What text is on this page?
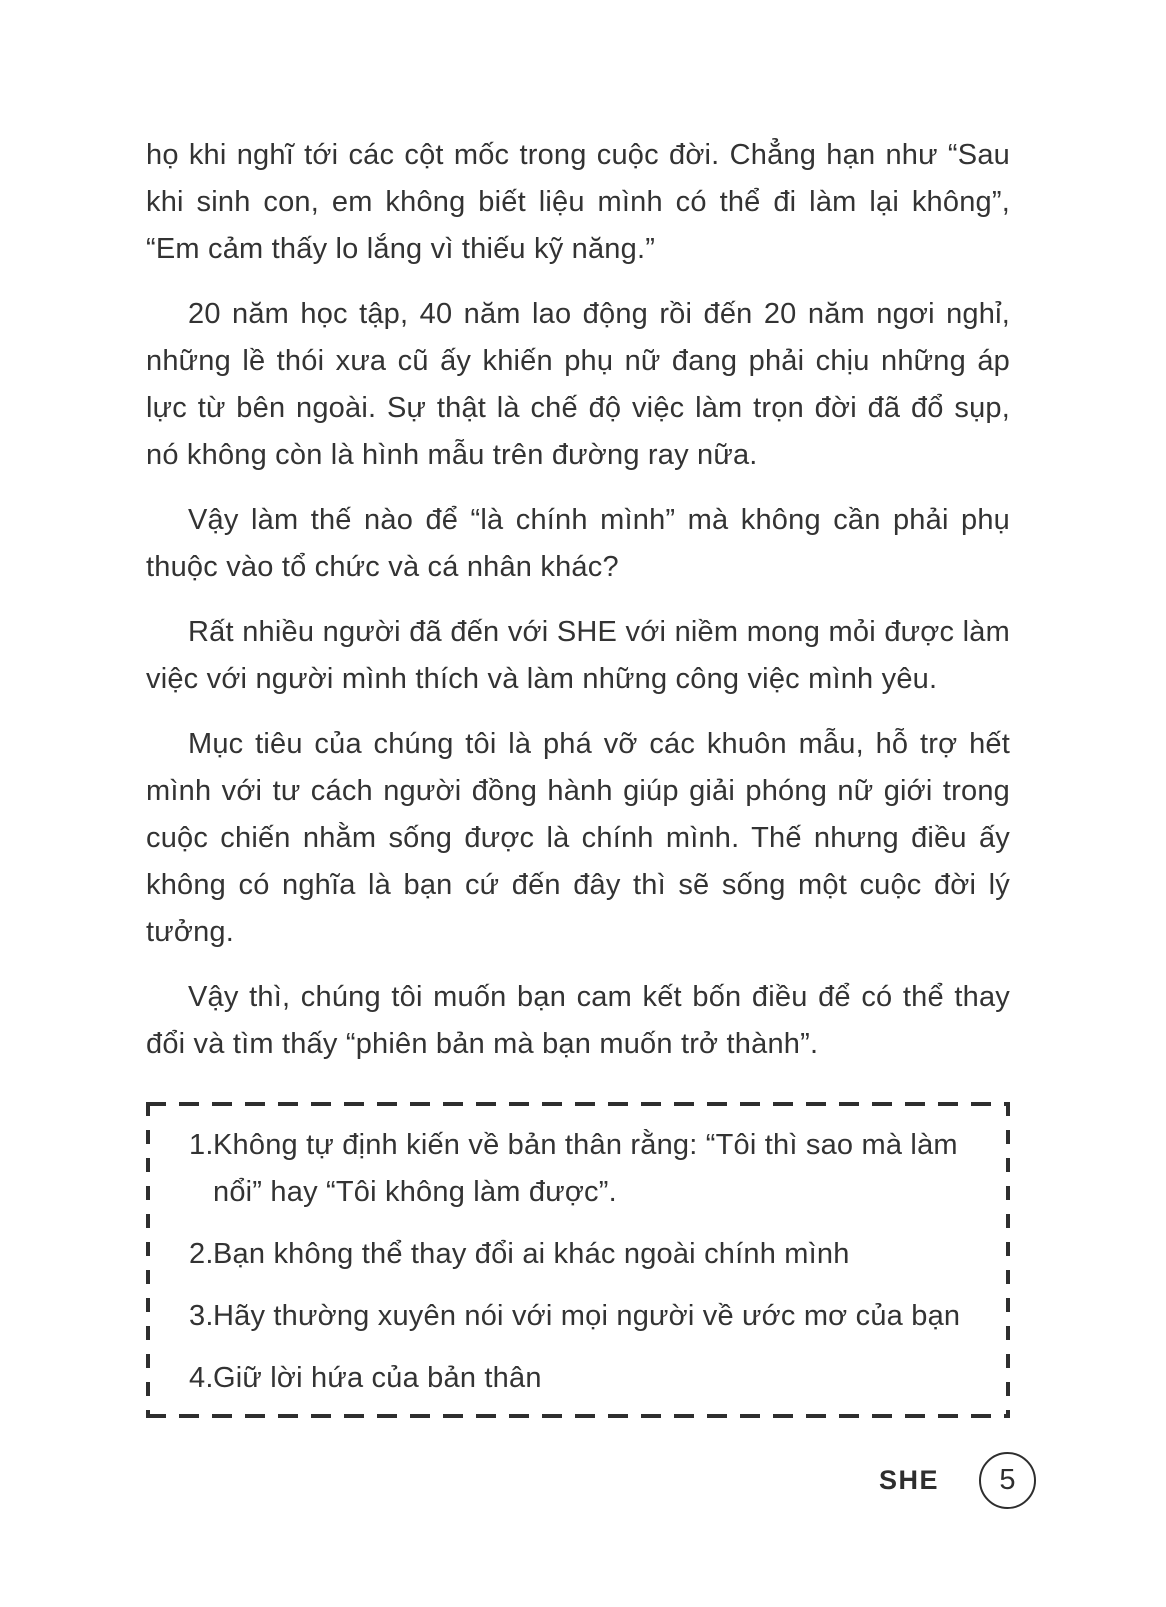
họ khi nghĩ tới các cột mốc trong cuộc đời. Chẳng hạn như “Sau khi sinh con, em không biết liệu mình có thể đi làm lại không”, “Em cảm thấy lo lắng vì thiếu kỹ năng.”

20 năm học tập, 40 năm lao động rồi đến 20 năm ngơi nghỉ, những lề thói xưa cũ ấy khiến phụ nữ đang phải chịu những áp lực từ bên ngoài. Sự thật là chế độ việc làm trọn đời đã đổ sụp, nó không còn là hình mẫu trên đường ray nữa.

Vậy làm thế nào để “là chính mình” mà không cần phải phụ thuộc vào tổ chức và cá nhân khác?

Rất nhiều người đã đến với SHE với niềm mong mỏi được làm việc với người mình thích và làm những công việc mình yêu.

Mục tiêu của chúng tôi là phá vỡ các khuôn mẫu, hỗ trợ hết mình với tư cách người đồng hành giúp giải phóng nữ giới trong cuộc chiến nhằm sống được là chính mình. Thế nhưng điều ấy không có nghĩa là bạn cứ đến đây thì sẽ sống một cuộc đời lý tưởng.

Vậy thì, chúng tôi muốn bạn cam kết bốn điều để có thể thay đổi và tìm thấy “phiên bản mà bạn muốn trở thành”.

1. Không tự định kiến về bản thân rằng: “Tôi thì sao mà làm nổi” hay “Tôi không làm được”.
2. Bạn không thể thay đổi ai khác ngoài chính mình
3. Hãy thường xuyên nói với mọi người về ước mơ của bạn
4. Giữ lời hứa của bản thân
SHE 5
